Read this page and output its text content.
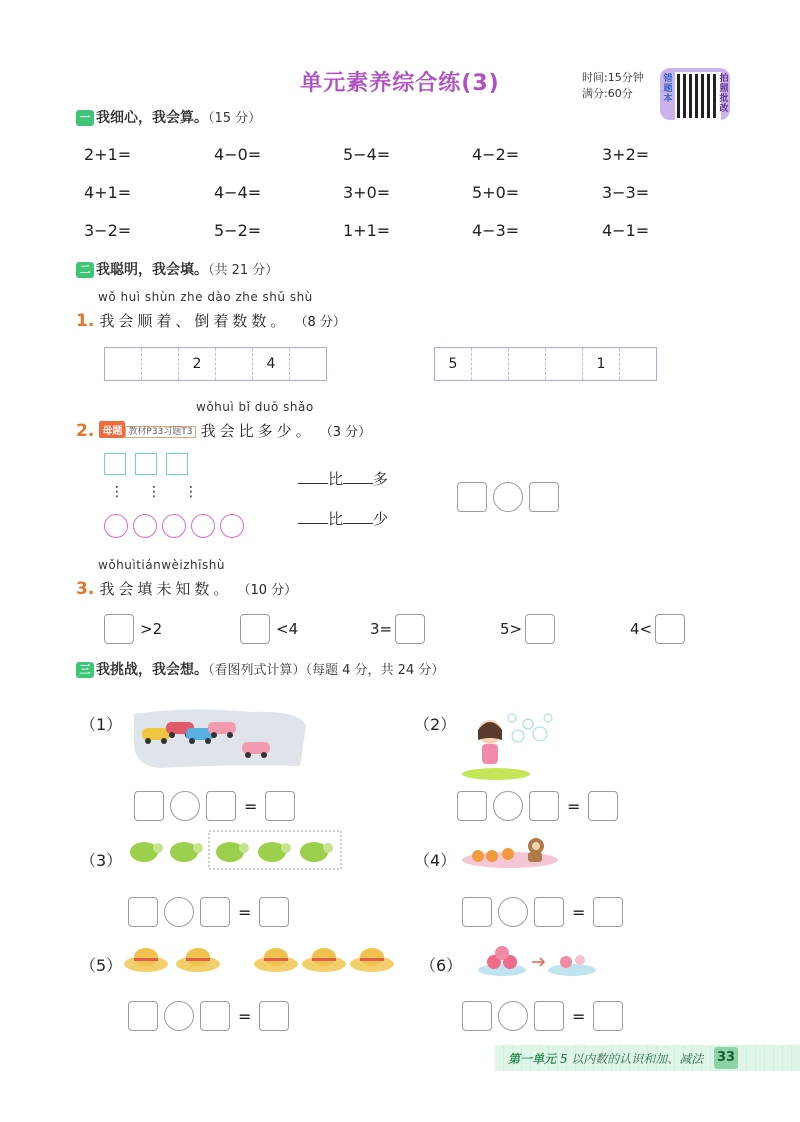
单元素养综合练(3)	时间:15分钟
满分:60分
错题本
拍照批改
一 我细心，我会算。（15 分）
2+1=	4−0=	5−4=	4−2=	3+2=
4+1=	4−4=	3+0=	5+0=	3−3=
3−2=	5−2=	1+1=	4−3=	4−1=
二 我聪明，我会填。（共 21 分）
wǒ huì shùn zhe dào zhe shǔ shù
1. 我会顺着、倒着数数。 （8 分）
2	4	5	1
wǒhuì bǐ duō shǎo
2. 母题 教材P33习题T3 我会比多少。 （3 分）
⋮ ⋮ ⋮
比 多
比 少
wǒhuìtiánwèizhīshù
3. 我会填未知数。 （10 分）
>2	<4	3=	5>	4<
三 我挑战，我会想。（看图列式计算）（每题 4 分，共 24 分）
（1）
=
（2）
=
（3）
=
（4）
=
（5）
=
（6）
=
第一单元 5 以内数的认识和加、减法 33
